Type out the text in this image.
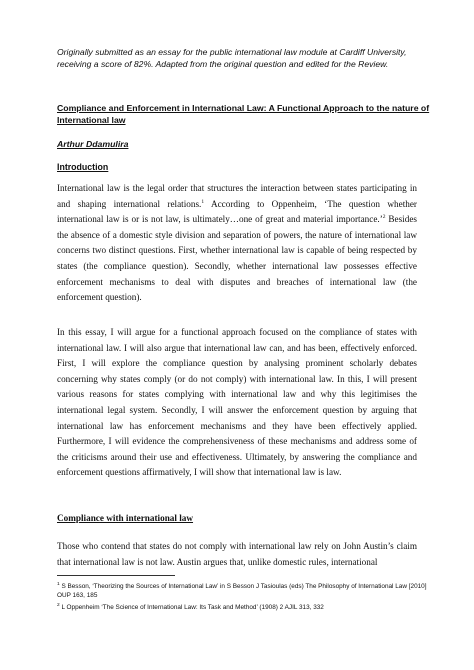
Originally submitted as an essay for the public international law module at Cardiff University, receiving a score of 82%. Adapted from the original question and edited for the Review.

Compliance and Enforcement in International Law: A Functional Approach to the nature of International law

Arthur Ddamulira

Introduction

International law is the legal order that structures the interaction between states participating in and shaping international relations.$^1$ According to Oppenheim, ‘The question whether international law is or is not law, is ultimately…one of great and material importance.’$^2$ Besides the absence of a domestic style division and separation of powers, the nature of international law concerns two distinct questions. First, whether international law is capable of being respected by states (the compliance question). Secondly, whether international law possesses effective enforcement mechanisms to deal with disputes and breaches of international law (the enforcement question).

In this essay, I will argue for a functional approach focused on the compliance of states with international law. I will also argue that international law can, and has been, effectively enforced. First, I will explore the compliance question by analysing prominent scholarly debates concerning why states comply (or do not comply) with international law. In this, I will present various reasons for states complying with international law and why this legitimises the international legal system. Secondly, I will answer the enforcement question by arguing that international law has enforcement mechanisms and they have been effectively applied. Furthermore, I will evidence the comprehensiveness of these mechanisms and address some of the criticisms around their use and effectiveness. Ultimately, by answering the compliance and enforcement questions affirmatively, I will show that international law is law.

Compliance with international law

Those who contend that states do not comply with international law rely on John Austin’s claim that international law is not law. Austin argues that, unlike domestic rules, international

$^1$ S Besson, ‘Theorizing the Sources of International Law’ in S Besson J Tasioulas (eds) The Philosophy of International Law [2010] OUP 163, 185

$^2$ L Oppenheim ‘The Science of International Law: Its Task and Method’ (1908) 2 AJIL 313, 332
